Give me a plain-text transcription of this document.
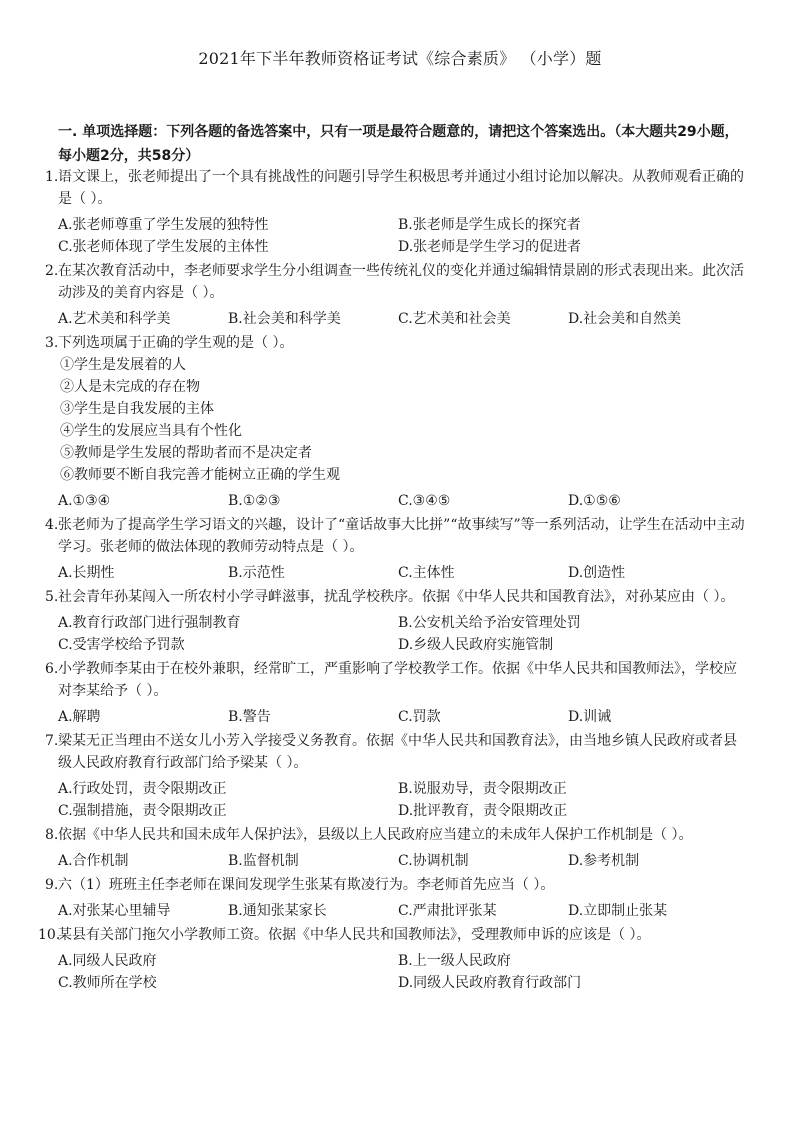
2021年下半年教师资格证考试《综合素质》 （小学）题
一. 单项选择题：下列各题的备选答案中，只有一项是最符合题意的，请把这个答案选出。（本大题共29小题，每小题2分，共58分）
1. 语文课上，张老师提出了一个具有挑战性的问题引导学生积极思考并通过小组讨论加以解决。从教师观看正确的是（ ）。
A.张老师尊重了学生发展的独特性	B.张老师是学生成长的探究者
C.张老师体现了学生发展的主体性	D.张老师是学生学习的促进者
2. 在某次教育活动中，李老师要求学生分小组调查一些传统礼仪的变化并通过编辑情景剧的形式表现出来。此次活动涉及的美育内容是（ ）。
A.艺术美和科学美	B.社会美和科学美	C.艺术美和社会美	D.社会美和自然美
3. 下列选项属于正确的学生观的是（ ）。
①学生是发展着的人
②人是未完成的存在物
③学生是自我发展的主体
④学生的发展应当具有个性化
⑤教师是学生发展的帮助者而不是决定者
⑥教师要不断自我完善才能树立正确的学生观
A.①③④	B.①②③	C.③④⑤	D.①⑤⑥
4. 张老师为了提高学生学习语文的兴趣，设计了“童话故事大比拼”“故事续写”等一系列活动，让学生在活动中主动学习。张老师的做法体现的教师劳动特点是（ ）。
A.长期性	B.示范性	C.主体性	D.创造性
5. 社会青年孙某闯入一所农村小学寻衅滋事，扰乱学校秩序。依据《中华人民共和国教育法》，对孙某应由（ ）。
A.教育行政部门进行强制教育	B.公安机关给予治安管理处罚
C.受害学校给予罚款	D.乡级人民政府实施管制
6. 小学教师李某由于在校外兼职，经常旷工，严重影响了学校教学工作。依据《中华人民共和国教师法》，学校应对李某给予（ ）。
A.解聘	B.警告	C.罚款	D.训诫
7. 梁某无正当理由不送女儿小芳入学接受义务教育。依据《中华人民共和国教育法》，由当地乡镇人民政府或者县级人民政府教育行政部门给予梁某（ ）。
A.行政处罚，责令限期改正	B.说服劝导，责令限期改正
C.强制措施，责令限期改正	D.批评教育，责令限期改正
8. 依据《中华人民共和国未成年人保护法》，县级以上人民政府应当建立的未成年人保护工作机制是（ ）。
A.合作机制	B.监督机制	C.协调机制	D.参考机制
9. 六（1）班班主任李老师在课间发现学生张某有欺凌行为。李老师首先应当（ ）。
A.对张某心里辅导	B.通知张某家长	C.严肃批评张某	D.立即制止张某
10.
某县有关部门拖欠小学教师工资。依据《中华人民共和国教师法》，受理教师申诉的应该是（ ）。
A.同级人民政府	B.上一级人民政府
C.教师所在学校	D.同级人民政府教育行政部门
